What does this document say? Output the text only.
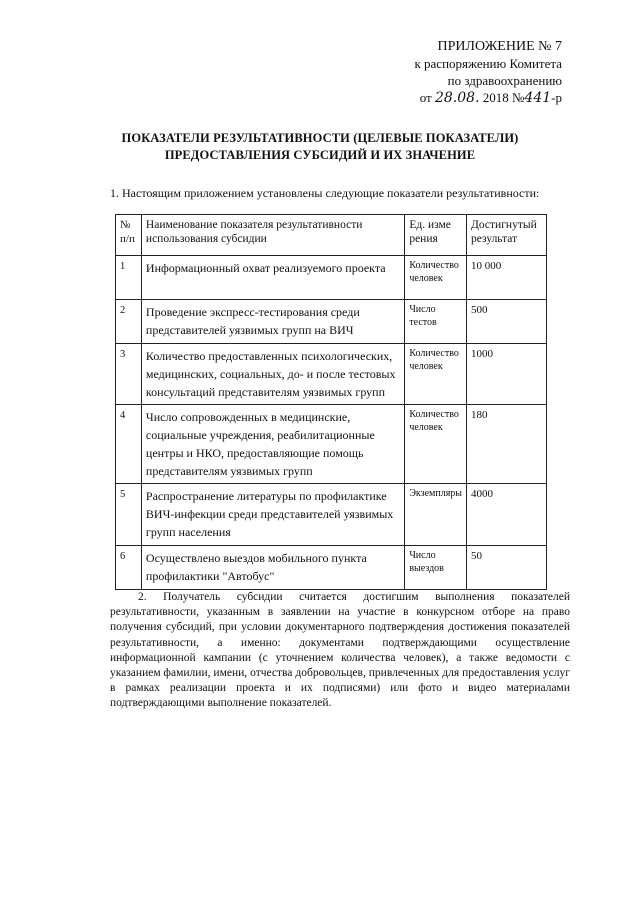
ПРИЛОЖЕНИЕ № 7
к распоряжению Комитета
по здравоохранению
от 28.08. 2018 №441-р
ПОКАЗАТЕЛИ РЕЗУЛЬТАТИВНОСТИ (ЦЕЛЕВЫЕ ПОКАЗАТЕЛИ)
ПРЕДОСТАВЛЕНИЯ СУБСИДИЙ И ИХ ЗНАЧЕНИЕ
1. Настоящим приложением установлены следующие показатели результативности:
№ п/п	Наименование показателя результативности использования субсидии	Ед. изме рения	Достигнутый результат
1	Информационный охват реализуемого проекта	Количество человек	10 000
2	Проведение экспресс-тестирования среди представителей уязвимых групп на ВИЧ	Число тестов	500
3	Количество предоставленных психологических, медицинских, социальных, до- и после тестовых консультаций представителям уязвимых групп	Количество человек	1000
4	Число сопровожденных в медицинские, социальные учреждения, реабилитационные центры и НКО, предоставляющие помощь представителям уязвимых групп	Количество человек	180
5	Распространение литературы по профилактике ВИЧ-инфекции среди представителей уязвимых групп населения	Экземпляры	4000
6	Осуществлено выездов мобильного пункта профилактики "Автобус"	Число выездов	50
2. Получатель субсидии считается достигшим выполнения показателей результативности, указанным в заявлении на участие в конкурсном отборе на право получения субсидий, при условии документарного подтверждения достижения показателей результативности, а именно: документами подтверждающими осуществление информационной кампании (с уточнением количества человек), а также ведомости с указанием фамилии, имени, отчества добровольцев, привлеченных для предоставления услуг в рамках реализации проекта и их подписями) или фото и видео материалами подтверждающими выполнение показателей.
